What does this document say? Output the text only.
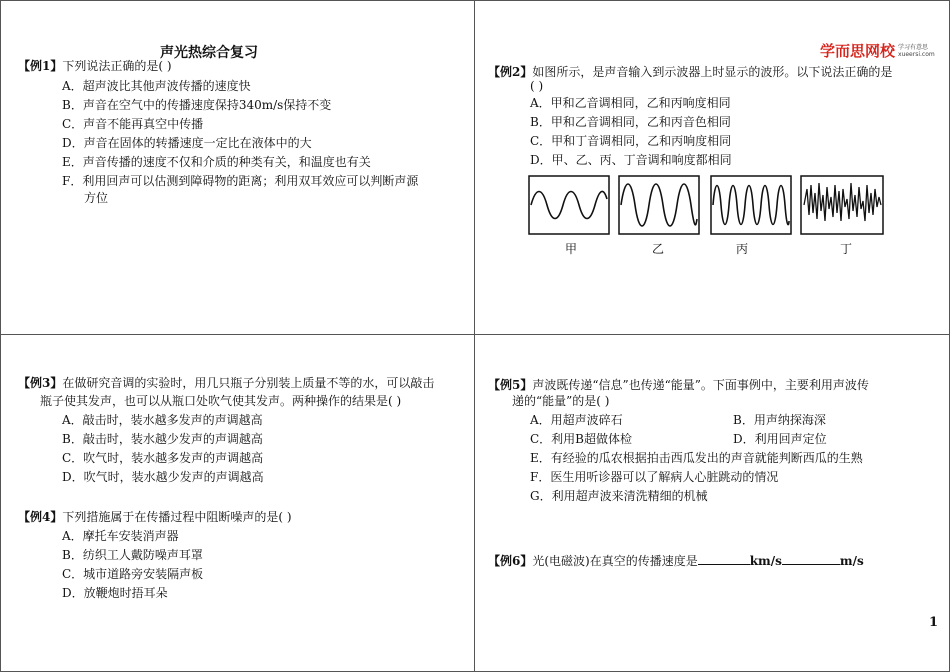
声光热综合复习
【例1】下列说法正确的是( )
A．超声波比其他声波传播的速度快
B．声音在空气中的传播速度保持340m/s保持不变
C．声音不能再真空中传播
D．声音在固体的转播速度一定比在液体中的大
E．声音传播的速度不仅和介质的种类有关，和温度也有关
F．利用回声可以估测到障碍物的距离；利用双耳效应可以判断声源
方位
学而思网校 学习有意思
xueersi.com
【例2】如图所示，是声音输入到示波器上时显示的波形。以下说法正确的是
( )
A．甲和乙音调相同，乙和丙响度相同
B．甲和乙音调相同，乙和丙音色相同
C．甲和丁音调相同，乙和丙响度相同
D．甲、乙、丙、丁音调和响度都相同
甲	乙	丙	丁
【例3】在做研究音调的实验时，用几只瓶子分别装上质量不等的水，可以敲击
瓶子使其发声，也可以从瓶口处吹气使其发声。两种操作的结果是( )
A．敲击时，装水越多发声的声调越高
B．敲击时，装水越少发声的声调越高
C．吹气时，装水越多发声的声调越高
D．吹气时，装水越少发声的声调越高
【例4】下列措施属于在传播过程中阻断噪声的是( )
A．摩托车安装消声器
B．纺织工人戴防噪声耳罩
C．城市道路旁安装隔声板
D．放鞭炮时捂耳朵
【例5】声波既传递“信息”也传递“能量”。下面事例中，主要利用声波传
递的“能量”的是( )
A．用超声波碎石	B．用声纳探海深
C．利用B超做体检	D．利用回声定位
E．有经验的瓜农根据拍击西瓜发出的声音就能判断西瓜的生熟
F．医生用听诊器可以了解病人心脏跳动的情况
G．利用超声波来清洗精细的机械
【例6】光(电磁波)在真空的传播速度是	km/s	m/s
1
